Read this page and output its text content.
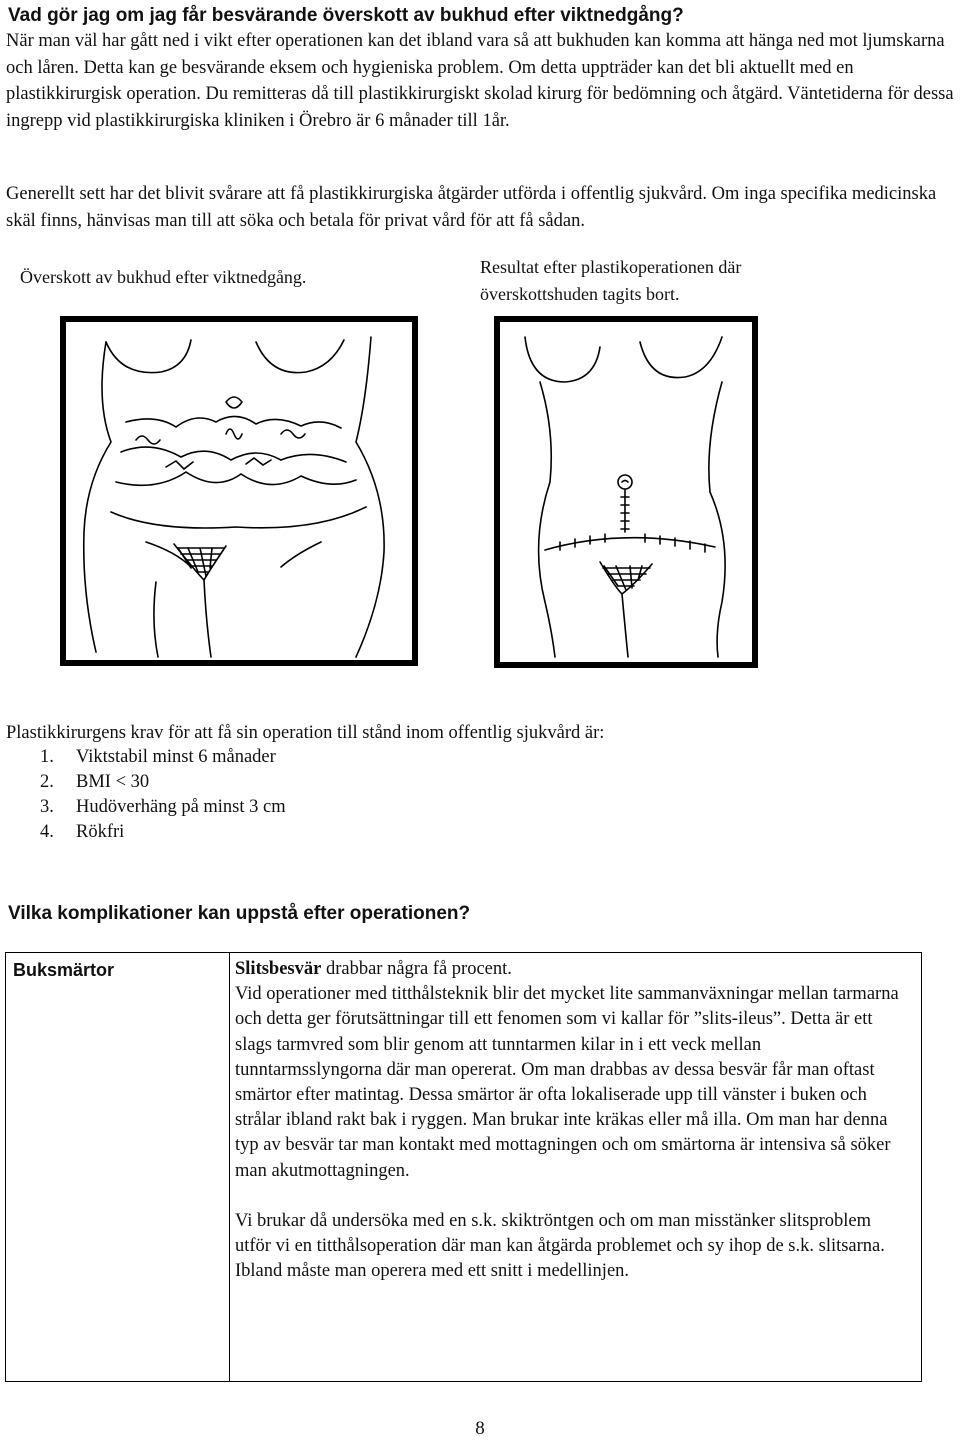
Vad gör jag om jag får besvärande överskott av bukhud efter viktnedgång?

När man väl har gått ned i vikt efter operationen kan det ibland vara så att bukhuden kan komma att hänga ned mot ljumskarna och låren. Detta kan ge besvärande eksem och hygieniska problem. Om detta uppträder kan det bli aktuellt med en plastikkirurgisk operation. Du remitteras då till plastikkirurgiskt skolad kirurg för bedömning och åtgärd. Väntetiderna för dessa ingrepp vid plastikkirurgiska kliniken i Örebro är 6 månader till 1år.

Generellt sett har det blivit svårare att få plastikkirurgiska åtgärder utförda i offentlig sjukvård. Om inga specifika medicinska skäl finns, hänvisas man till att söka och betala för privat vård för att få sådan.

Överskott av bukhud efter viktnedgång.	Resultat efter plastikoperationen där
överskottshuden tagits bort.

Plastikkirurgens krav för att få sin operation till stånd inom offentlig sjukvård är:

1.	Viktstabil minst 6 månader
2.	BMI < 30
3.	Hudöverhäng på minst 3 cm
4.	Rökfri
Vilka komplikationer kan uppstå efter operationen?
Buksmärtor	Slitsbesvär drabbar några få procent.

Vid operationer med titthålsteknik blir det mycket lite sammanväxningar mellan tarmarna och detta ger förutsättningar till ett fenomen som vi kallar för ”slits-ileus”. Detta är ett slags tarmvred som blir genom att tunntarmen kilar in i ett veck mellan tunntarmsslyngorna där man opererat. Om man drabbas av dessa besvär får man oftast smärtor efter matintag. Dessa smärtor är ofta lokaliserade upp till vänster i buken och strålar ibland rakt bak i ryggen. Man brukar inte kräkas eller må illa. Om man har denna typ av besvär tar man kontakt med mottagningen och om smärtorna är intensiva så söker man akutmottagningen.

Vi brukar då undersöka med en s.k. skiktröntgen och om man misstänker slitsproblem utför vi en titthålsoperation där man kan åtgärda problemet och sy ihop de s.k. slitsarna. Ibland måste man operera med ett snitt i medellinjen.

8
